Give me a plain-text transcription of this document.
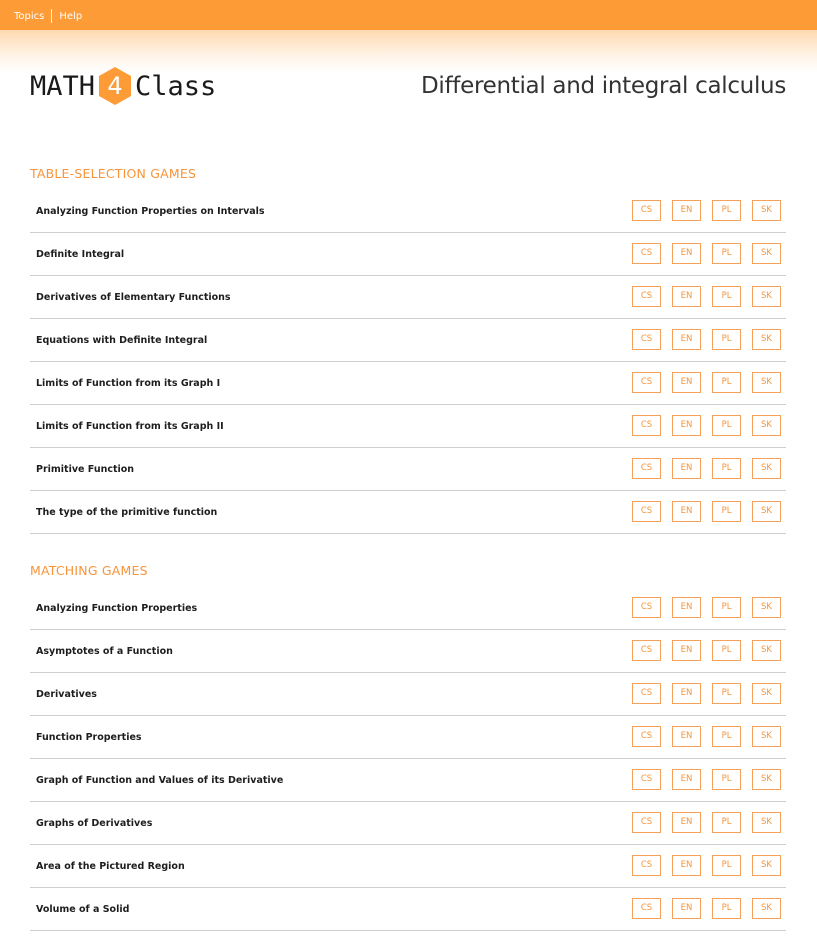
Topics Help
MATH 4 Class	Differential and integral calculus
TABLE-SELECTION GAMES
Analyzing Function Properties on Intervals	CS	EN	PL	SK
Definite Integral	CS	EN	PL	SK
Derivatives of Elementary Functions	CS	EN	PL	SK
Equations with Definite Integral	CS	EN	PL	SK
Limits of Function from its Graph I	CS	EN	PL	SK
Limits of Function from its Graph II	CS	EN	PL	SK
Primitive Function	CS	EN	PL	SK
The type of the primitive function	CS	EN	PL	SK
MATCHING GAMES
Analyzing Function Properties	CS	EN	PL	SK
Asymptotes of a Function	CS	EN	PL	SK
Derivatives	CS	EN	PL	SK
Function Properties	CS	EN	PL	SK
Graph of Function and Values of its Derivative	CS	EN	PL	SK
Graphs of Derivatives	CS	EN	PL	SK
Area of the Pictured Region	CS	EN	PL	SK
Volume of a Solid	CS	EN	PL	SK
